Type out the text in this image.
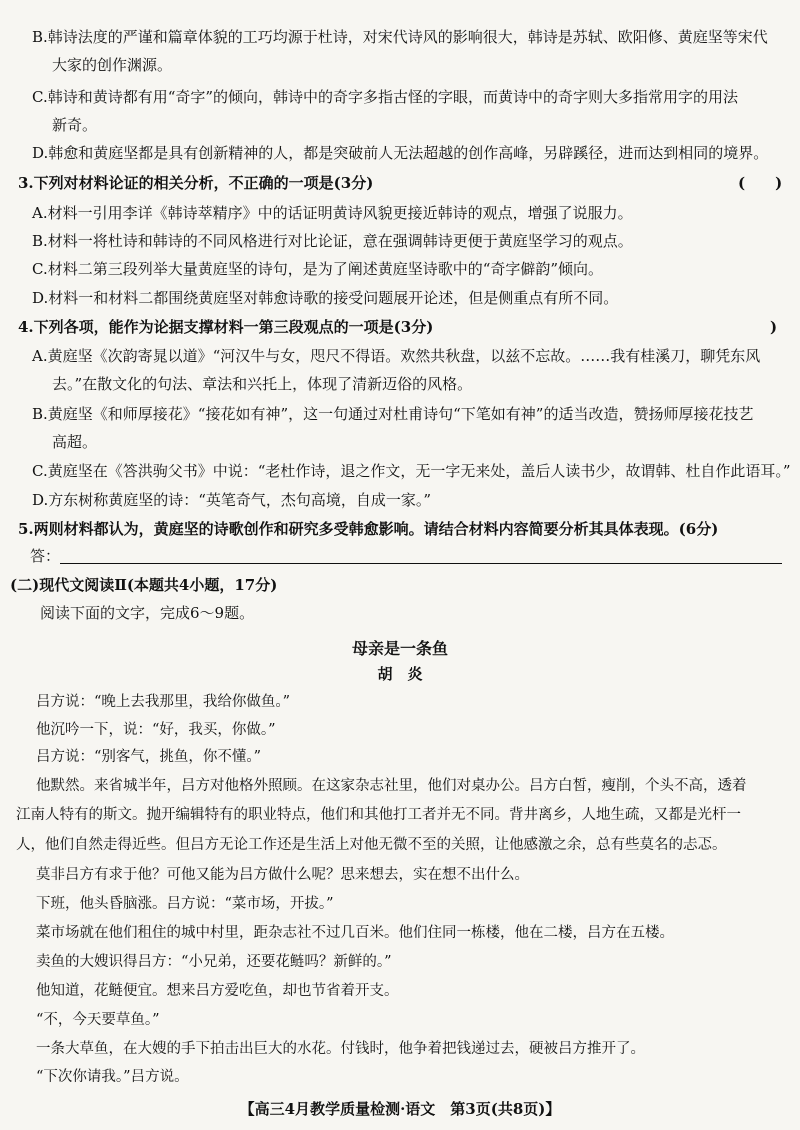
B.韩诗法度的严谨和篇章体貌的工巧均源于杜诗，对宋代诗风的影响很大，韩诗是苏轼、欧阳修、黄庭坚等宋代
大家的创作渊源。
C.韩诗和黄诗都有用“奇字”的倾向，韩诗中的奇字多指古怪的字眼，而黄诗中的奇字则大多指常用字的用法
新奇。
D.韩愈和黄庭坚都是具有创新精神的人，都是突破前人无法超越的创作高峰，另辟蹊径，进而达到相同的境界。
3.下列对材料论证的相关分析，不正确的一项是(3分)	(　　)
A.材料一引用李详《韩诗萃精序》中的话证明黄诗风貌更接近韩诗的观点，增强了说服力。
B.材料一将杜诗和韩诗的不同风格进行对比论证，意在强调韩诗更便于黄庭坚学习的观点。
C.材料二第三段列举大量黄庭坚的诗句，是为了阐述黄庭坚诗歌中的“奇字僻韵”倾向。
D.材料一和材料二都围绕黄庭坚对韩愈诗歌的接受问题展开论述，但是侧重点有所不同。
4.下列各项，能作为论据支撑材料一第三段观点的一项是(3分)	)
A.黄庭坚《次韵寄晁以道》“河汉牛与女，咫尺不得语。欢然共秋盘，以兹不忘故。……我有桂溪刀，聊凭东风
去。”在散文化的句法、章法和兴托上，体现了清新迈俗的风格。
B.黄庭坚《和师厚接花》“接花如有神”，这一句通过对杜甫诗句“下笔如有神”的适当改造，赞扬师厚接花技艺
高超。
C.黄庭坚在《答洪驹父书》中说：“老杜作诗，退之作文，无一字无来处，盖后人读书少，故谓韩、杜自作此语耳。”
D.方东树称黄庭坚的诗：“英笔奇气，杰句高境，自成一家。”
5.两则材料都认为，黄庭坚的诗歌创作和研究多受韩愈影响。请结合材料内容简要分析其具体表现。(6分)
答：
(二)现代文阅读Ⅱ(本题共4小题，17分)
阅读下面的文字，完成6～9题。
母亲是一条鱼
胡　炎
吕方说：“晚上去我那里，我给你做鱼。”
他沉吟一下，说：“好，我买，你做。”
吕方说：“别客气，挑鱼，你不懂。”
他默然。来省城半年，吕方对他格外照顾。在这家杂志社里，他们对桌办公。吕方白皙，瘦削，个头不高，透着
江南人特有的斯文。抛开编辑特有的职业特点，他们和其他打工者并无不同。背井离乡，人地生疏，又都是光杆一
人，他们自然走得近些。但吕方无论工作还是生活上对他无微不至的关照，让他感激之余，总有些莫名的忐忑。
莫非吕方有求于他？可他又能为吕方做什么呢？思来想去，实在想不出什么。
下班，他头昏脑涨。吕方说：“菜市场，开拔。”
菜市场就在他们租住的城中村里，距杂志社不过几百米。他们住同一栋楼，他在二楼，吕方在五楼。
卖鱼的大嫂识得吕方：“小兄弟，还要花鲢吗？新鲜的。”
他知道，花鲢便宜。想来吕方爱吃鱼，却也节省着开支。
“不，今天要草鱼。”
一条大草鱼，在大嫂的手下拍击出巨大的水花。付钱时，他争着把钱递过去，硬被吕方推开了。
“下次你请我。”吕方说。
【高三4月教学质量检测·语文　第3页(共8页)】
